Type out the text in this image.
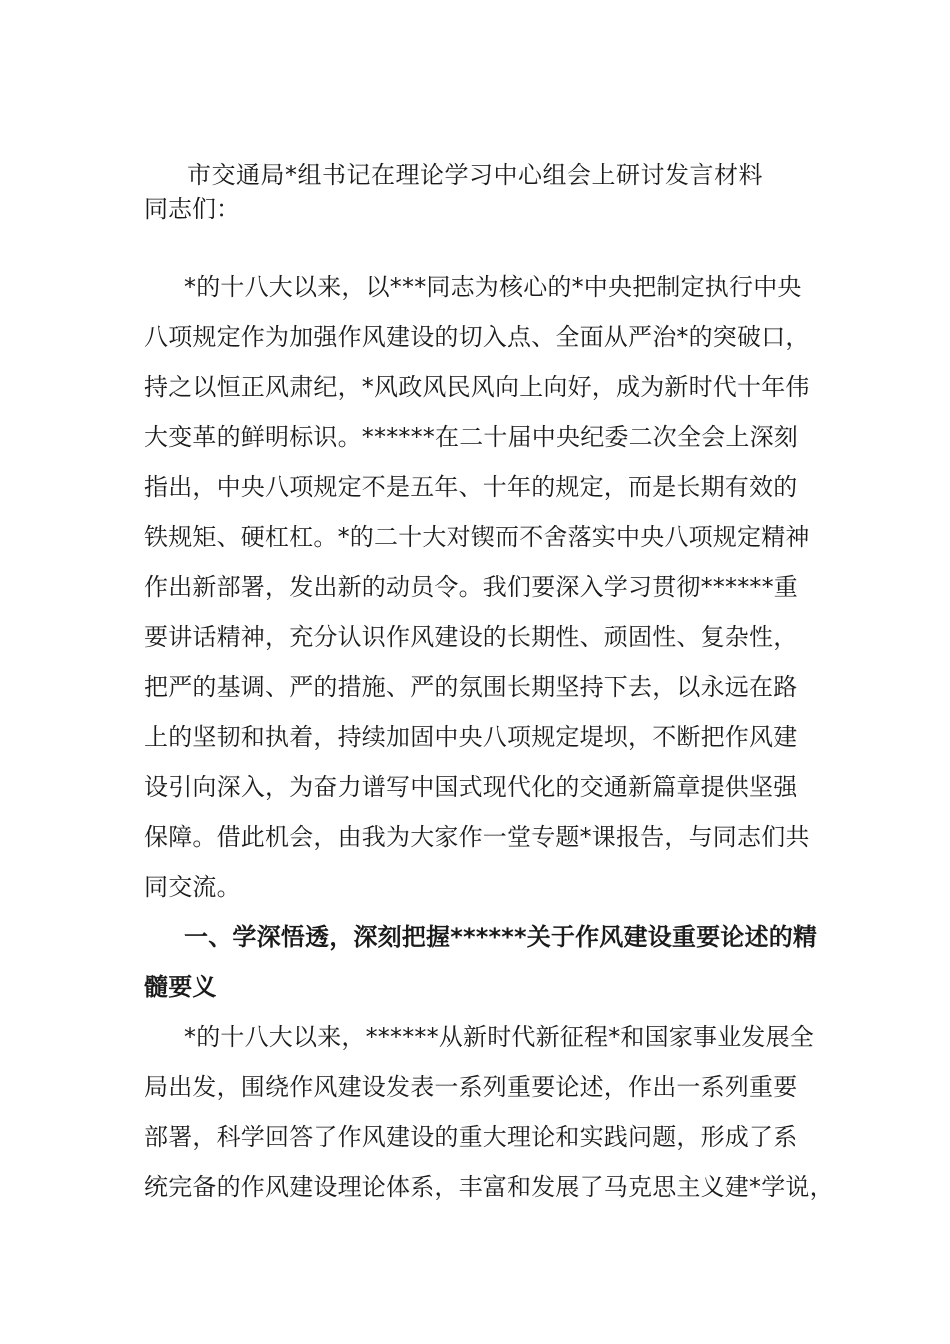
市交通局*组书记在理论学习中心组会上研讨发言材料
同志们：
*的十八大以来，以***同志为核心的*中央把制定执行中央
八项规定作为加强作风建设的切入点、全面从严治*的突破口，
持之以恒正风肃纪，*风政风民风向上向好，成为新时代十年伟
大变革的鲜明标识。******在二十届中央纪委二次全会上深刻
指出，中央八项规定不是五年、十年的规定，而是长期有效的
铁规矩、硬杠杠。*的二十大对锲而不舍落实中央八项规定精神
作出新部署，发出新的动员令。我们要深入学习贯彻******重
要讲话精神，充分认识作风建设的长期性、顽固性、复杂性，
把严的基调、严的措施、严的氛围长期坚持下去，以永远在路
上的坚韧和执着，持续加固中央八项规定堤坝，不断把作风建
设引向深入，为奋力谱写中国式现代化的交通新篇章提供坚强
保障。借此机会，由我为大家作一堂专题*课报告，与同志们共
同交流。
一、学深悟透，深刻把握******关于作风建设重要论述的精
髓要义
*的十八大以来，******从新时代新征程*和国家事业发展全
局出发，围绕作风建设发表一系列重要论述，作出一系列重要
部署，科学回答了作风建设的重大理论和实践问题，形成了系
统完备的作风建设理论体系，丰富和发展了马克思主义建*学说，
